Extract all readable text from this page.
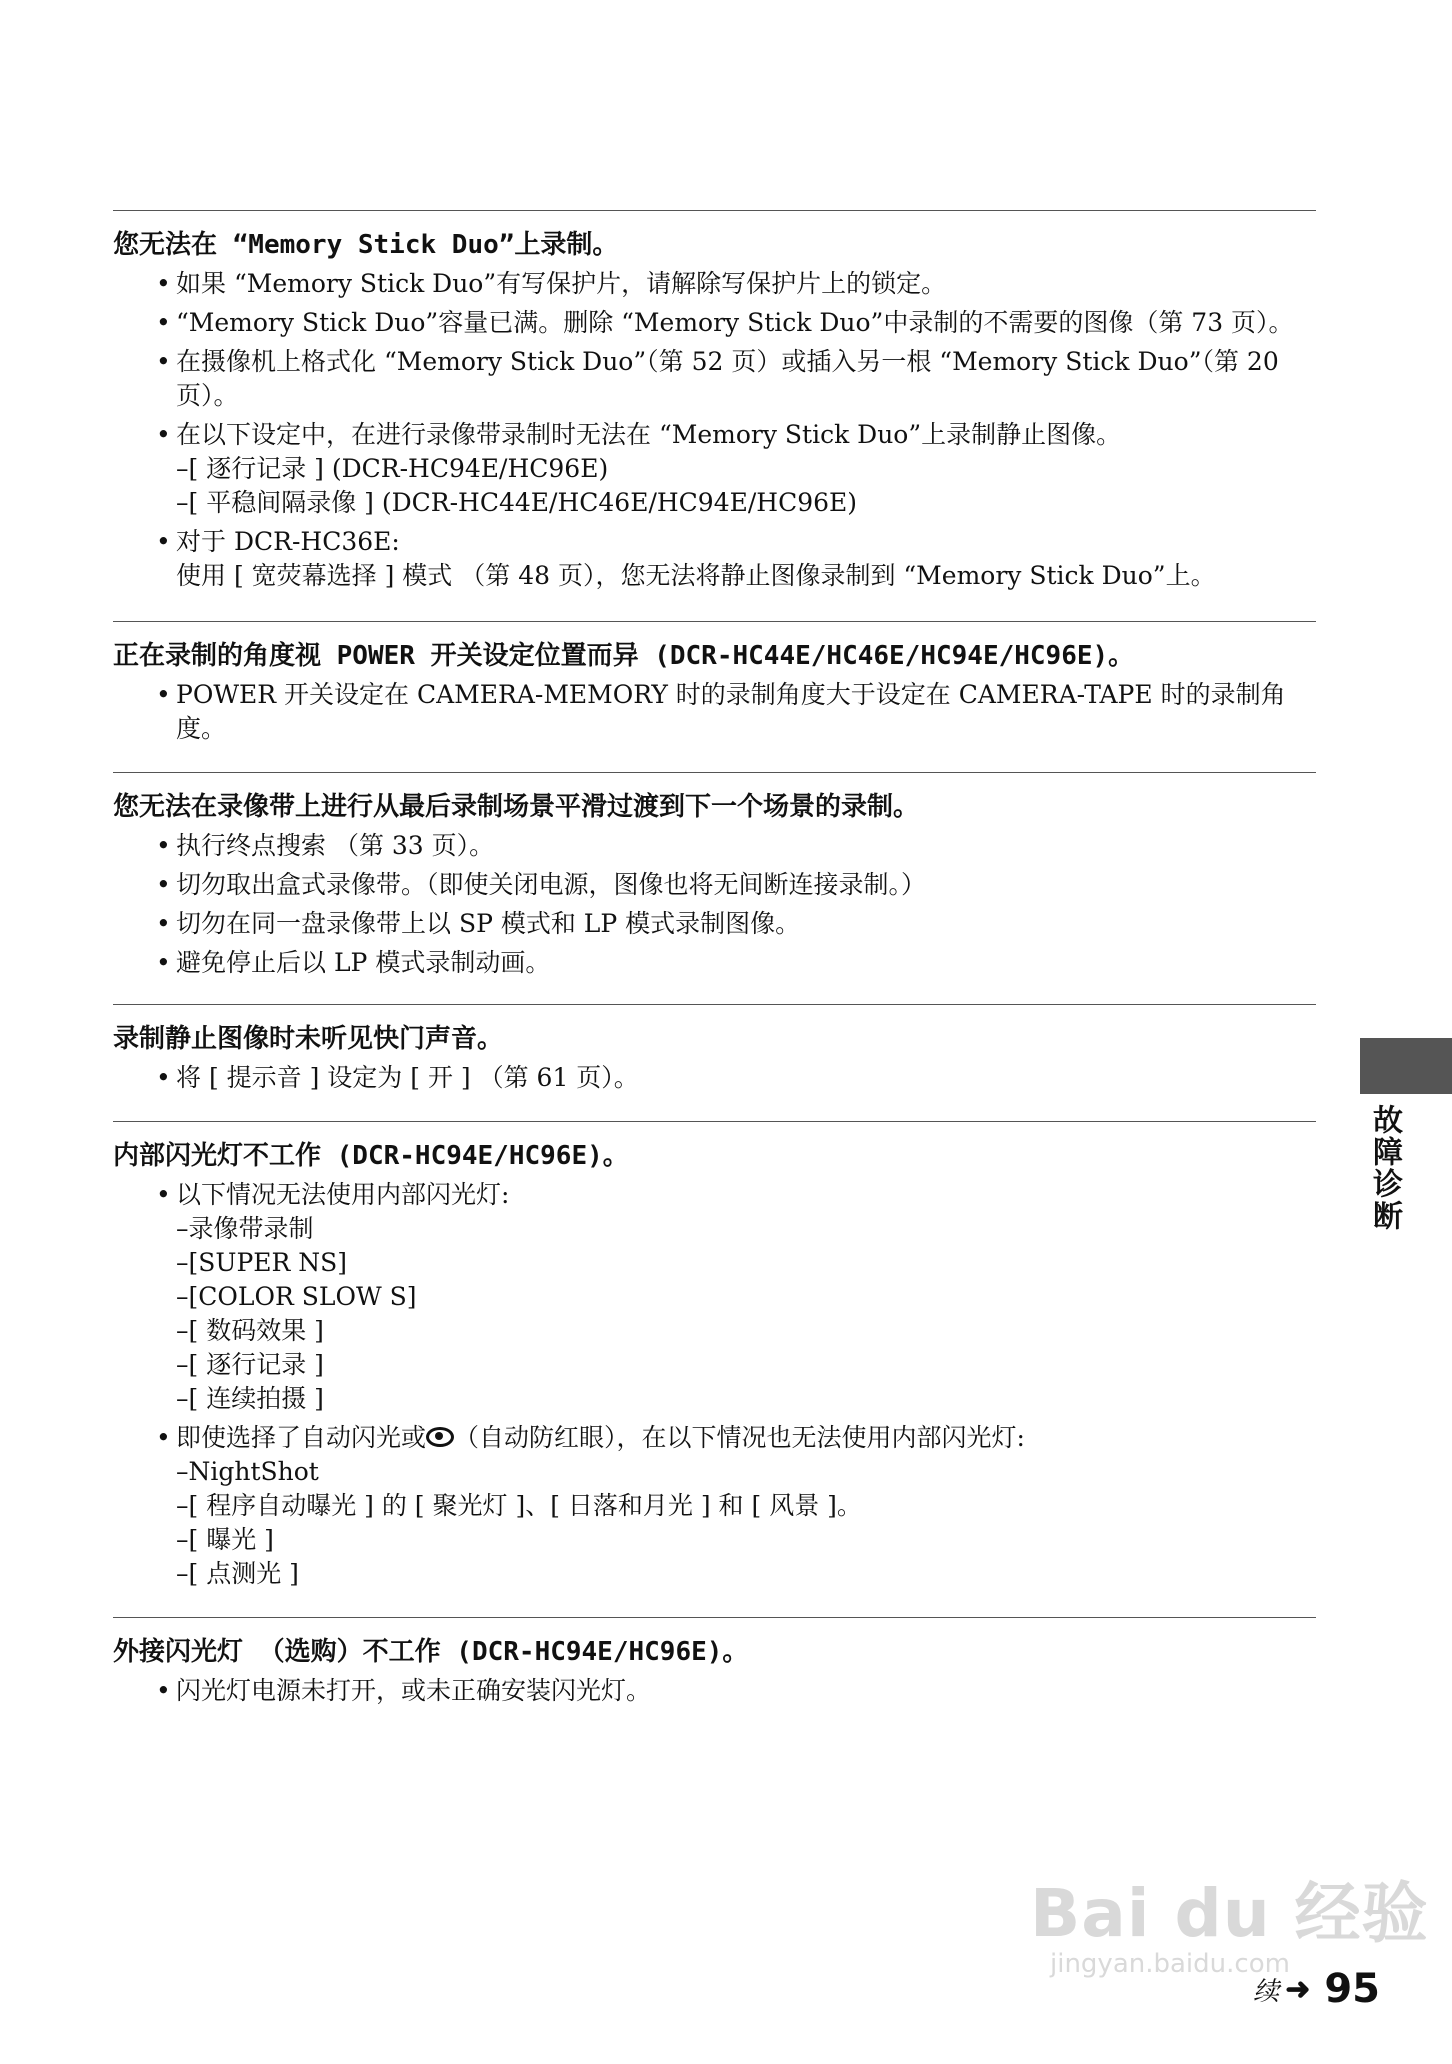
您无法在 “Memory Stick Duo”上录制。
• 如果 “Memory Stick Duo”有写保护片，请解除写保护片上的锁定。
• “Memory Stick Duo”容量已满。删除 “Memory Stick Duo”中录制的不需要的图像（第 73 页）。
• 在摄像机上格式化 “Memory Stick Duo”（第 52 页）或插入另一根 “Memory Stick Duo”（第 20 页）。
• 在以下设定中，在进行录像带录制时无法在 “Memory Stick Duo”上录制静止图像。
–[ 逐行记录 ] (DCR-HC94E/HC96E)
–[ 平稳间隔录像 ] (DCR-HC44E/HC46E/HC94E/HC96E)
• 对于 DCR-HC36E:
使用 [ 宽荧幕选择 ] 模式 （第 48 页），您无法将静止图像录制到 “Memory Stick Duo”上。
正在录制的角度视 POWER 开关设定位置而异 (DCR-HC44E/HC46E/HC94E/HC96E)。
• POWER 开关设定在 CAMERA-MEMORY 时的录制角度大于设定在 CAMERA-TAPE 时的录制角度。
您无法在录像带上进行从最后录制场景平滑过渡到下一个场景的录制。
• 执行终点搜索 （第 33 页）。
• 切勿取出盒式录像带。（即使关闭电源，图像也将无间断连接录制。）
• 切勿在同一盘录像带上以 SP 模式和 LP 模式录制图像。
• 避免停止后以 LP 模式录制动画。
录制静止图像时未听见快门声音。
• 将 [ 提示音 ] 设定为 [ 开 ] （第 61 页）。
内部闪光灯不工作 (DCR-HC94E/HC96E)。
• 以下情况无法使用内部闪光灯:
–录像带录制
–[SUPER NS]
–[COLOR SLOW S]
–[ 数码效果 ]
–[ 逐行记录 ]
–[ 连续拍摄 ]
• 即使选择了自动闪光或 （自动防红眼），在以下情况也无法使用内部闪光灯:
–NightShot
–[ 程序自动曝光 ] 的 [ 聚光灯 ]、[ 日落和月光 ] 和 [ 风景 ]。
–[ 曝光 ]
–[ 点测光 ]
外接闪光灯 （选购）不工作 (DCR-HC94E/HC96E)。
• 闪光灯电源未打开，或未正确安装闪光灯。
故障诊断
Bai du 经验
jingyan.baidu.com
续 ➜ 95
